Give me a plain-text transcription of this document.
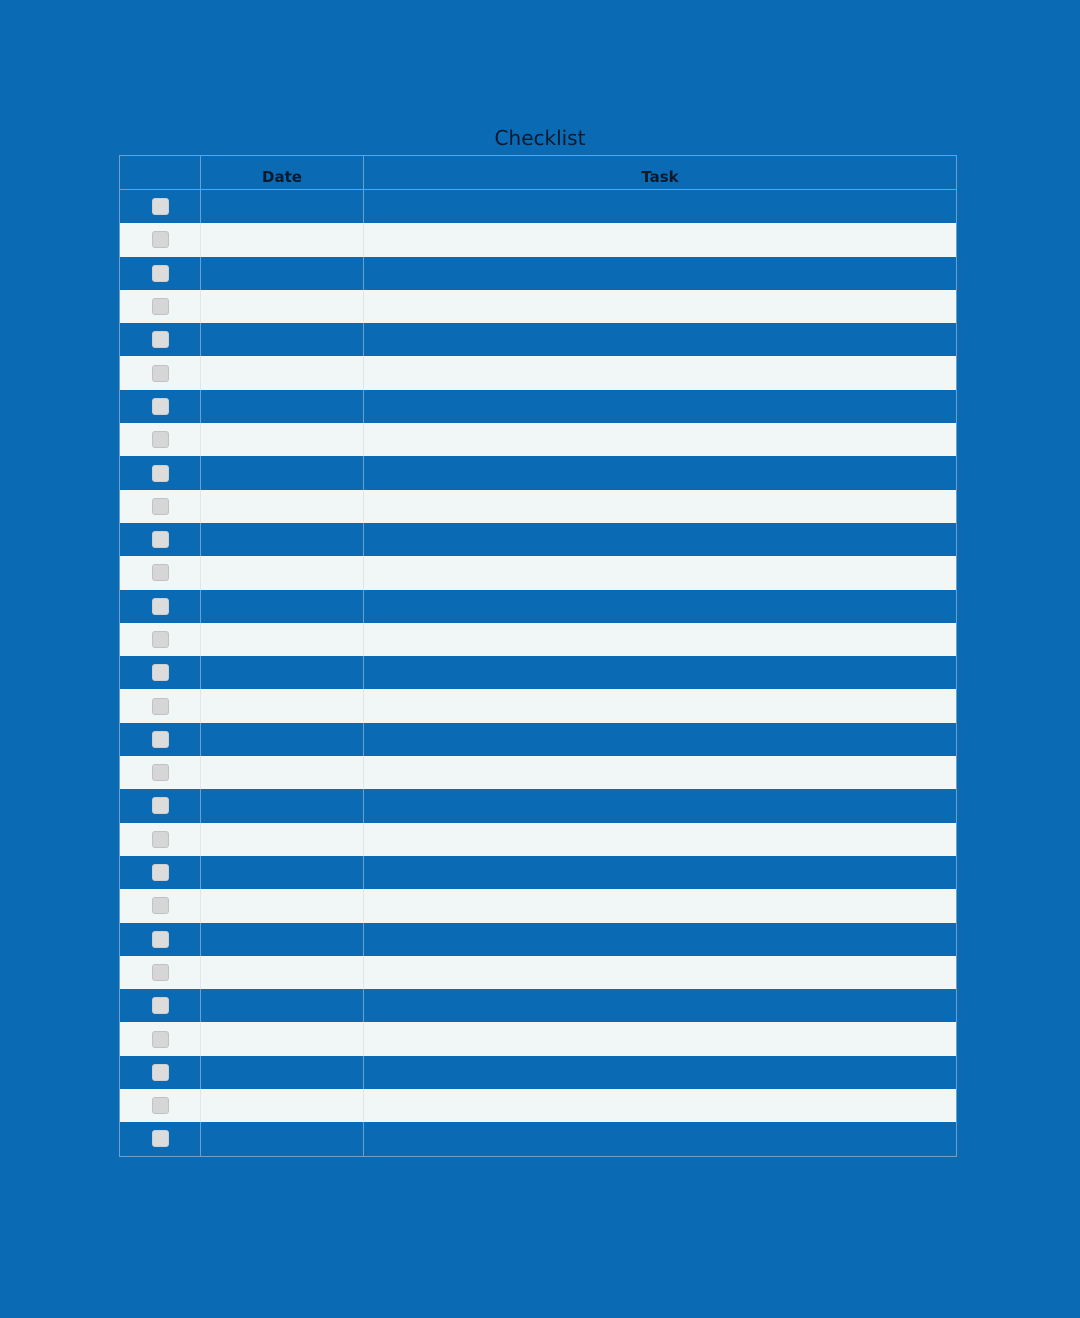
Checklist
Date	Task
